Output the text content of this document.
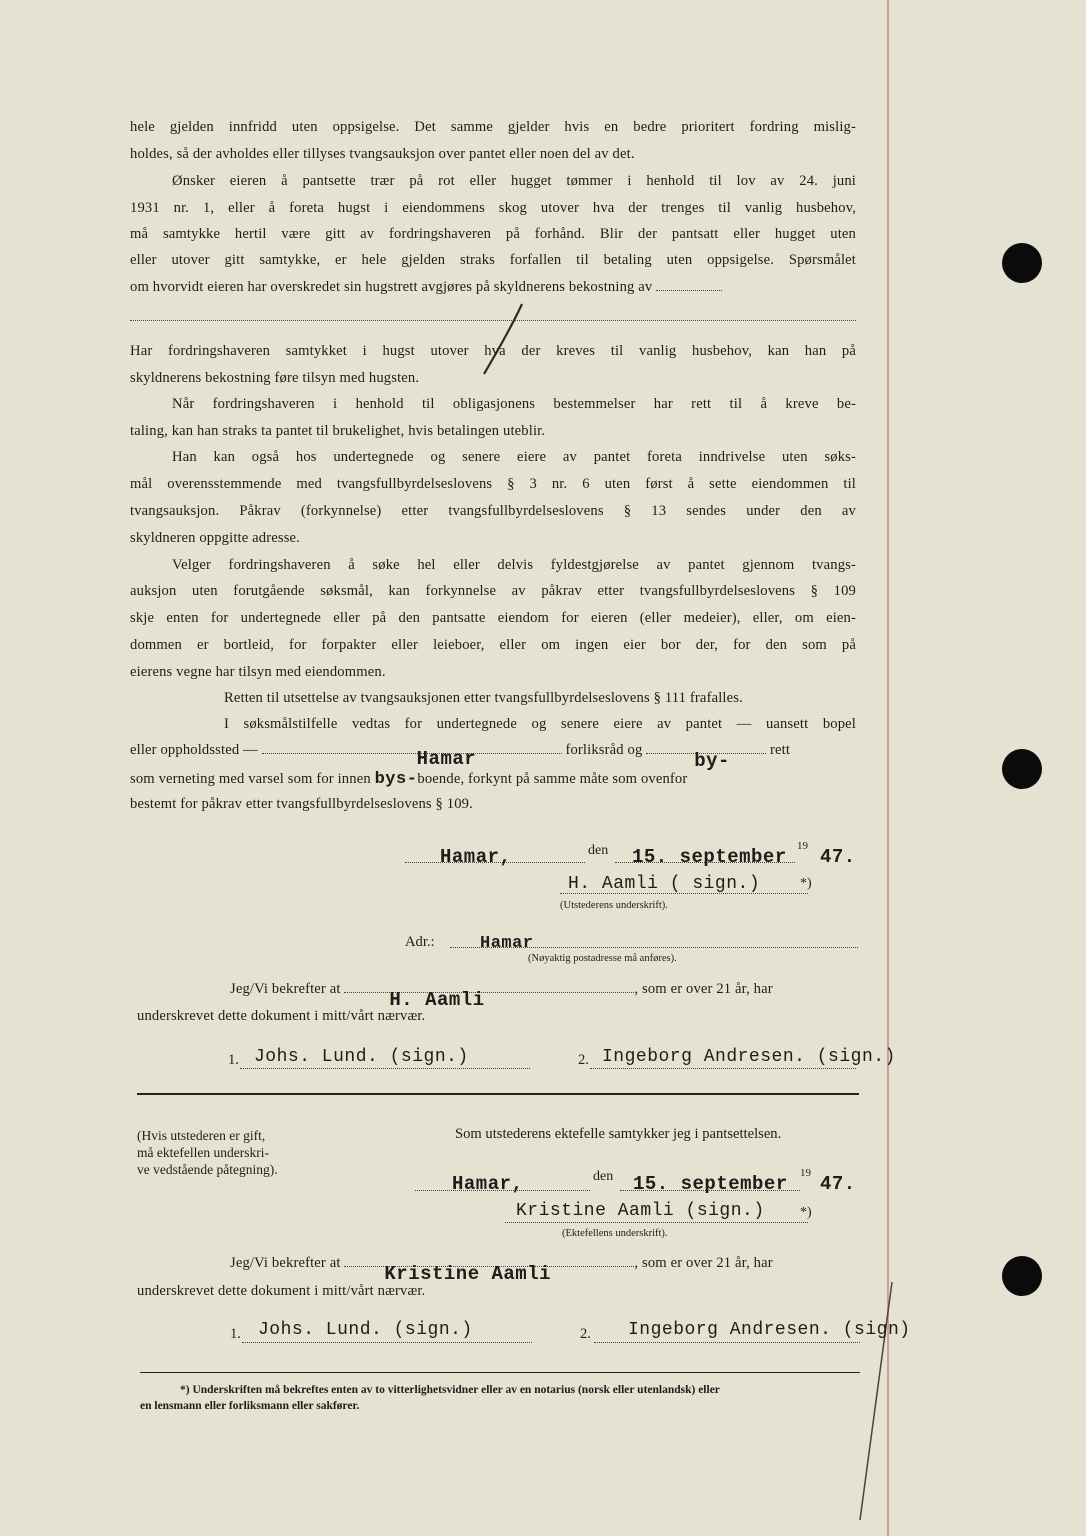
hele gjelden innfridd uten oppsigelse. Det samme gjelder hvis en bedre prioritert fordring mislig-
holdes, så der avholdes eller tillyses tvangsauksjon over pantet eller noen del av det.
Ønsker eieren å pantsette trær på rot eller hugget tømmer i henhold til lov av 24. juni
1931 nr. 1, eller å foreta hugst i eiendommens skog utover hva der trenges til vanlig husbehov,
må samtykke hertil være gitt av fordringshaveren på forhånd. Blir der pantsatt eller hugget uten
eller utover gitt samtykke, er hele gjelden straks forfallen til betaling uten oppsigelse. Spørsmålet
om hvorvidt eieren har overskredet sin hugstrett avgjøres på skyldnerens bekostning av
Har fordringshaveren samtykket i hugst utover hva der kreves til vanlig husbehov, kan han på
skyldnerens bekostning føre tilsyn med hugsten.
Når fordringshaveren i henhold til obligasjonens bestemmelser har rett til å kreve be-
taling, kan han straks ta pantet til brukelighet, hvis betalingen uteblir.
Han kan også hos undertegnede og senere eiere av pantet foreta inndrivelse uten søks-
mål overensstemmende med tvangsfullbyrdelseslovens § 3 nr. 6 uten først å sette eiendommen til
tvangsauksjon. Påkrav (forkynnelse) etter tvangsfullbyrdelseslovens § 13 sendes under den av
skyldneren oppgitte adresse.
Velger fordringshaveren å søke hel eller delvis fyldestgjørelse av pantet gjennom tvangs-
auksjon uten forutgående søksmål, kan forkynnelse av påkrav etter tvangsfullbyrdelseslovens § 109
skje enten for undertegnede eller på den pantsatte eiendom for eieren (eller medeier), eller, om eien-
dommen er bortleid, for forpakter eller leieboer, eller om ingen eier bor der, for den som på
eierens vegne har tilsyn med eiendommen.
Retten til utsettelse av tvangsauksjonen etter tvangsfullbyrdelseslovens § 111 frafalles.
I søksmålstilfelle vedtas for undertegnede og senere eiere av pantet — uansett bopel
eller oppholdssted —	Hamar	forliksråd og	by-	rett
som verneting med varsel som for innen bys-boende, forkynt på samme måte som ovenfor
bestemt for påkrav etter tvangsfullbyrdelseslovens § 109.
Hamar,	den 15. september 19 47.
H. Aamli ( sign.)	*)
(Utstederens underskrift).
Adr.:	Hamar
(Nøyaktig postadresse må anføres).
Jeg/Vi bekrefter at	H. Aamli	, som er over 21 år, har
underskrevet dette dokument i mitt/vårt nærvær.
1. Johs. Lund. (sign.)	2. Ingeborg Andresen. (sign.)
(Hvis utstederen er gift,
må ektefellen underskri-
ve vedstående påtegning).
Som utstederens ektefelle samtykker jeg i pantsettelsen.
Hamar,	den 15. september 19 47.
Kristine Aamli (sign.)	*)
(Ektefellens underskrift).
Jeg/Vi bekrefter at Kristine Aamli	, som er over 21 år, har
underskrevet dette dokument i mitt/vårt nærvær.
1. Johs. Lund. (sign.)	2. Ingeborg Andresen. (sign)
*) Underskriften må bekreftes enten av to vitterlighetsvidner eller av en notarius (norsk eller utenlandsk) eller
en lensmann eller forliksmann eller sakfører.
